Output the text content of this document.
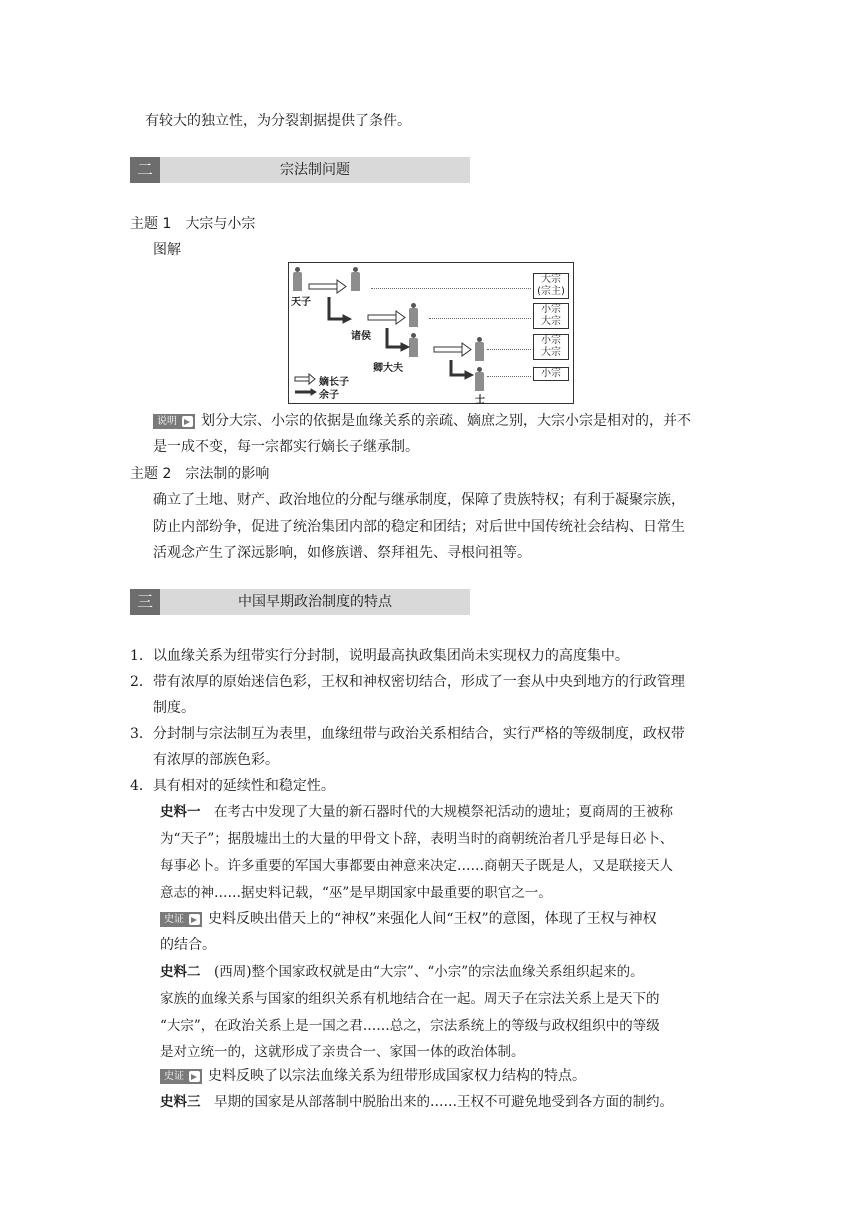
有较大的独立性，为分裂割据提供了条件。
二	宗法制问题
主题 1　大宗与小宗
图解
天子
诸侯
卿大夫
士
嫡长子
余子
大宗
(宗主)
小宗
大宗
小宗
大宗
小宗
说明 划分大宗、小宗的依据是血缘关系的亲疏、嫡庶之别，大宗小宗是相对的，并不
是一成不变，每一宗都实行嫡长子继承制。
主题 2　宗法制的影响
确立了土地、财产、政治地位的分配与继承制度，保障了贵族特权；有利于凝聚宗族，
防止内部纷争，促进了统治集团内部的稳定和团结；对后世中国传统社会结构、日常生
活观念产生了深远影响，如修族谱、祭拜祖先、寻根问祖等。
三	中国早期政治制度的特点
1．以血缘关系为纽带实行分封制，说明最高执政集团尚未实现权力的高度集中。
2．带有浓厚的原始迷信色彩，王权和神权密切结合，形成了一套从中央到地方的行政管理
制度。
3．分封制与宗法制互为表里，血缘纽带与政治关系相结合，实行严格的等级制度，政权带
有浓厚的部族色彩。
4．具有相对的延续性和稳定性。
史料一　 在考古中发现了大量的新石器时代的大规模祭祀活动的遗址；夏商周的王被称
为“天子”；据殷墟出土的大量的甲骨文卜辞，表明当时的商朝统治者几乎是每日必卜、
每事必卜。许多重要的军国大事都要由神意来决定……商朝天子既是人，又是联接天人
意志的神……据史料记载，“巫”是早期国家中最重要的职官之一。
史证 史料反映出借天上的“神权”来强化人间“王权”的意图，体现了王权与神权
的结合。
史料二　 (西周)整个国家政权就是由“大宗”、“小宗”的宗法血缘关系组织起来的。
家族的血缘关系与国家的组织关系有机地结合在一起。周天子在宗法关系上是天下的
“大宗”，在政治关系上是一国之君……总之，宗法系统上的等级与政权组织中的等级
是对立统一的，这就形成了亲贵合一、家国一体的政治体制。
史证 史料反映了以宗法血缘关系为纽带形成国家权力结构的特点。
史料三　 早期的国家是从部落制中脱胎出来的……王权不可避免地受到各方面的制约。
